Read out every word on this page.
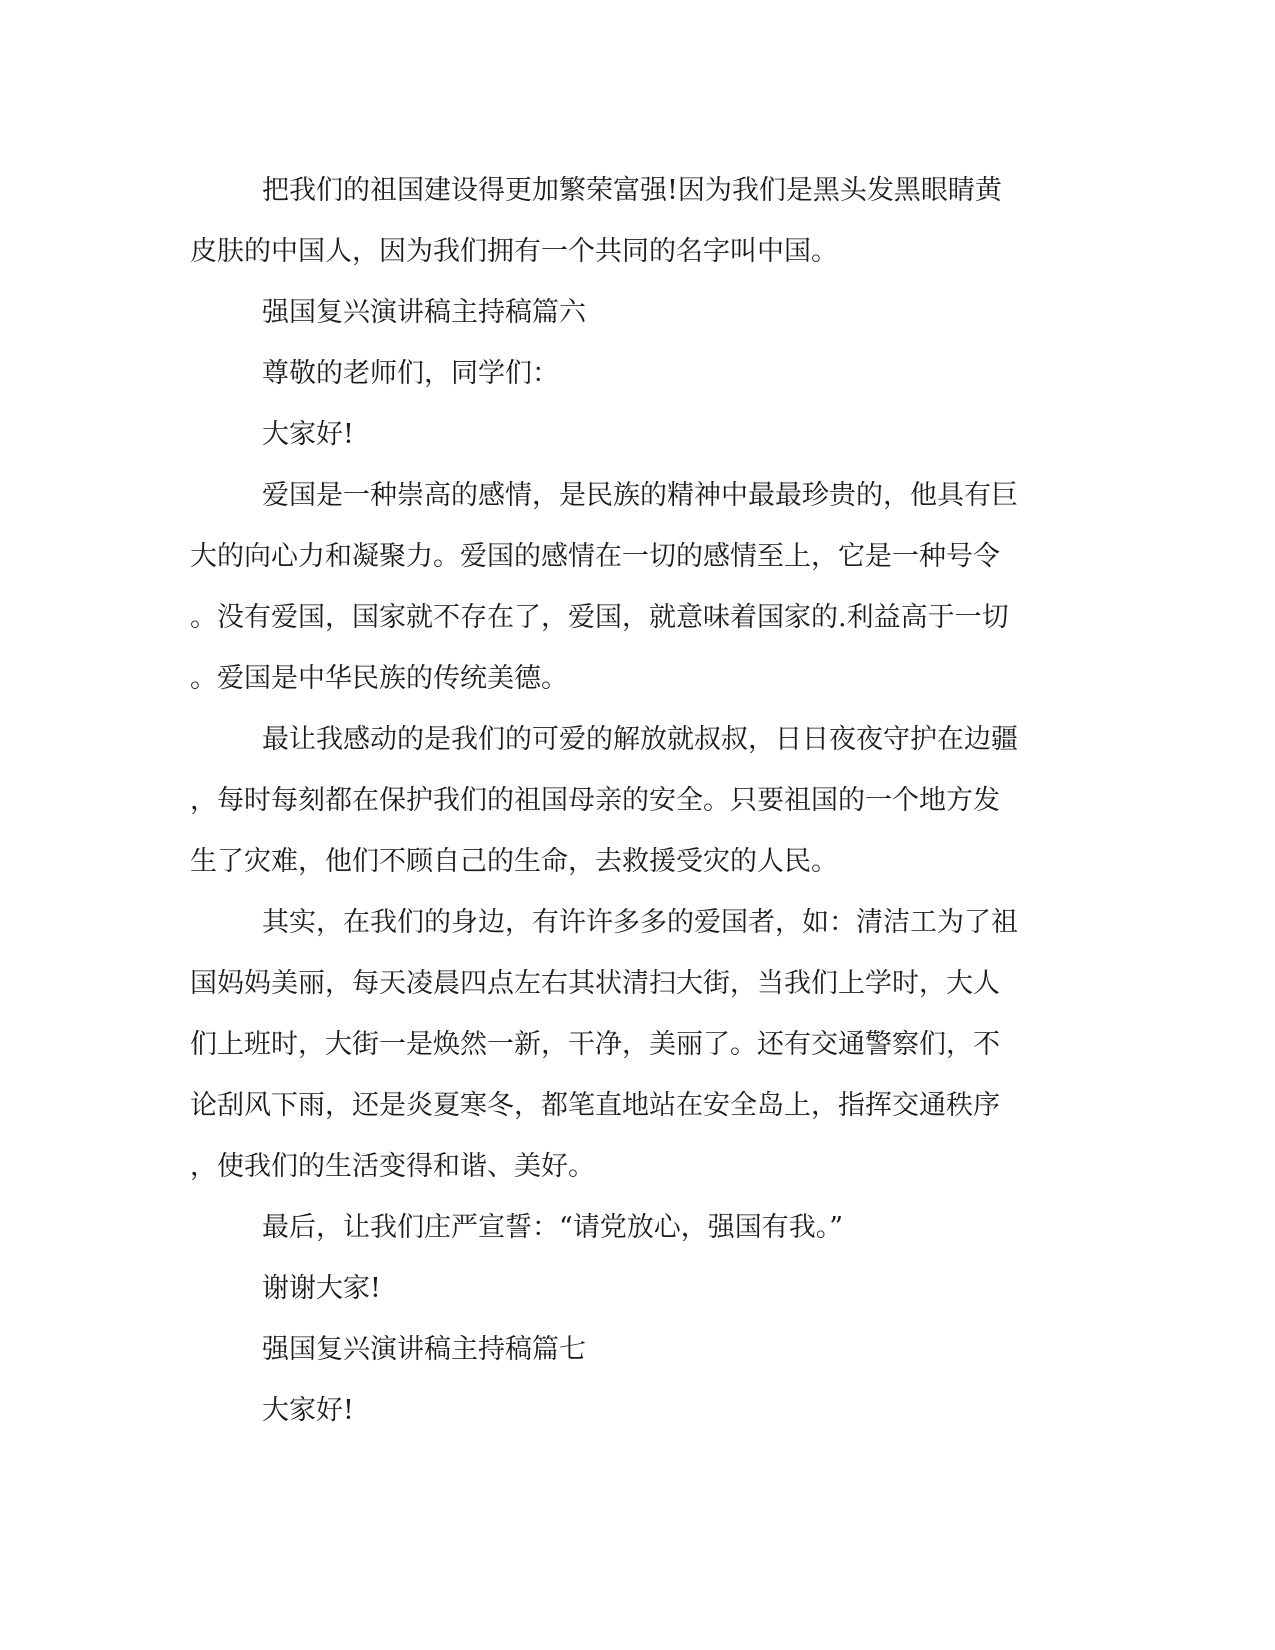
把我们的祖国建设得更加繁荣富强!因为我们是黑头发黑眼睛黄
皮肤的中国人，因为我们拥有一个共同的名字叫中国。
强国复兴演讲稿主持稿篇六
尊敬的老师们，同学们：
大家好!
爱国是一种崇高的感情，是民族的精神中最最珍贵的，他具有巨
大的向心力和凝聚力。爱国的感情在一切的感情至上，它是一种号令
。没有爱国，国家就不存在了，爱国，就意味着国家的.利益高于一切
。爱国是中华民族的传统美德。
最让我感动的是我们的可爱的解放就叔叔，日日夜夜守护在边疆
，每时每刻都在保护我们的祖国母亲的安全。只要祖国的一个地方发
生了灾难，他们不顾自己的生命，去救援受灾的人民。
其实，在我们的身边，有许许多多的爱国者，如：清洁工为了祖
国妈妈美丽，每天凌晨四点左右其状清扫大街，当我们上学时，大人
们上班时，大街一是焕然一新，干净，美丽了。还有交通警察们，不
论刮风下雨，还是炎夏寒冬，都笔直地站在安全岛上，指挥交通秩序
，使我们的生活变得和谐、美好。
最后，让我们庄严宣誓：“请党放心，强国有我。”
谢谢大家!
强国复兴演讲稿主持稿篇七
大家好!
